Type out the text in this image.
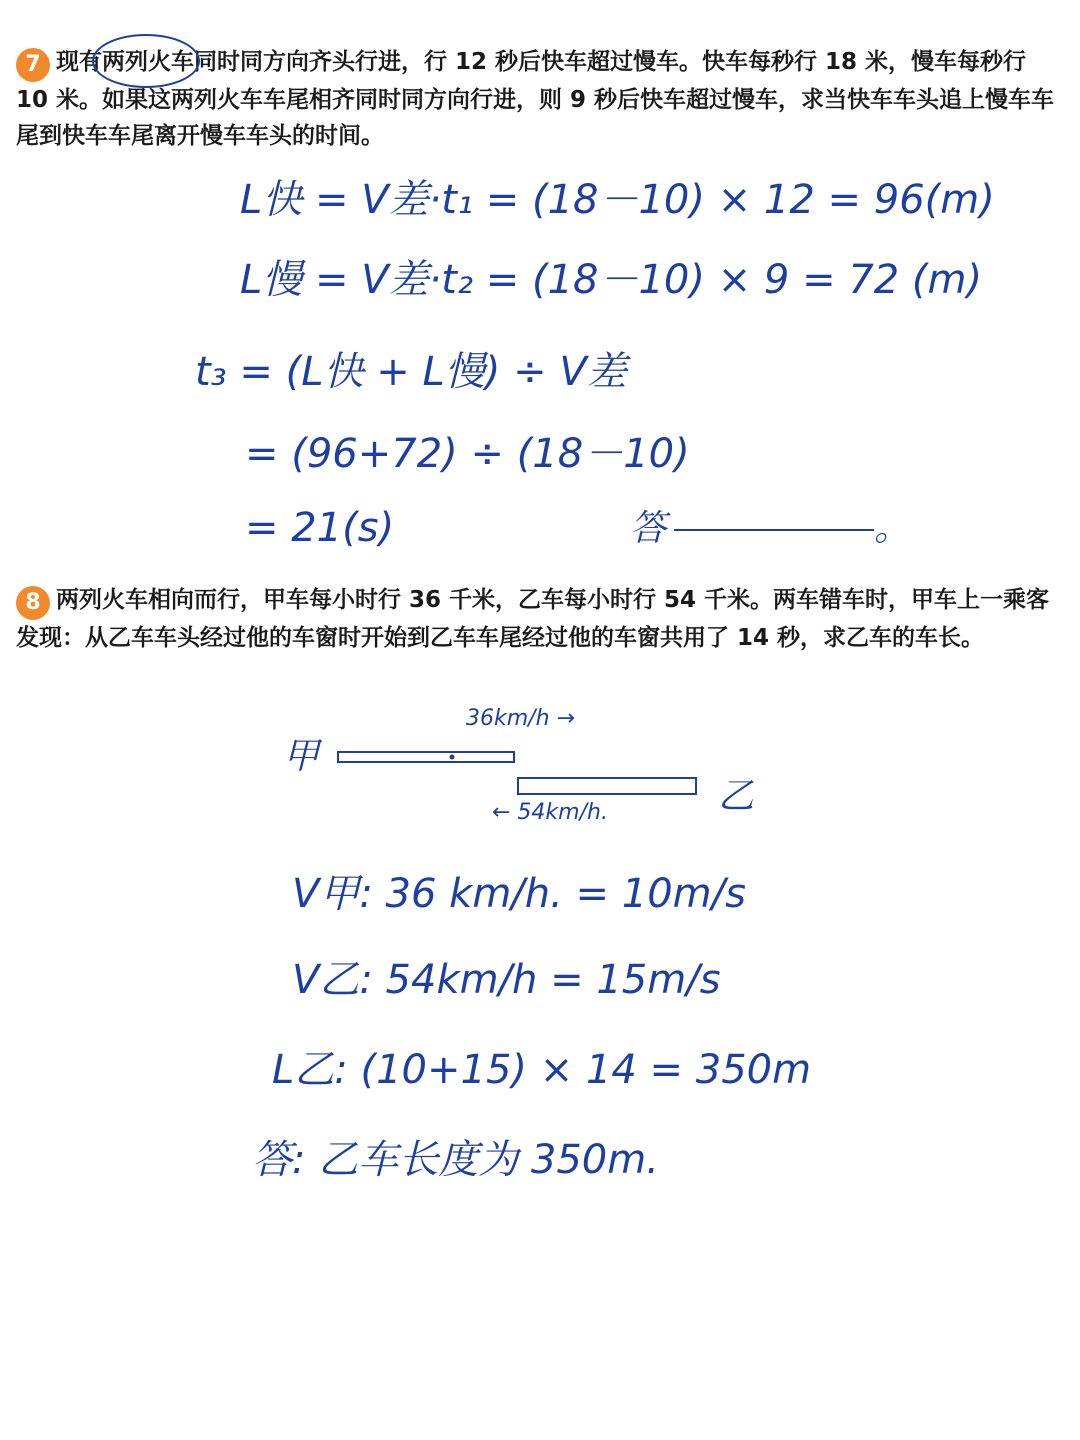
7 现有两列火车同时同方向齐头行进，行 12 秒后快车超过慢车。快车每秒行 18 米，慢车每秒行 10 米。如果这两列火车车尾相齐同时同方向行进，则 9 秒后快车超过慢车，求当快车车头追上慢车车尾到快车车尾离开慢车车头的时间。
L快 = V差·t₁ = (18－10) × 12 = 96(m)
L慢 = V差·t₂ = (18－10) × 9 = 72 (m)
t₃ = (L快 + L慢) ÷ V差
= (96+72) ÷ (18－10)
= 21(s)	答	。
8 两列火车相向而行，甲车每小时行 36 千米，乙车每小时行 54 千米。两车错车时，甲车上一乘客发现：从乙车车头经过他的车窗时开始到乙车车尾经过他的车窗共用了 14 秒，求乙车的车长。
甲
乙
36km/h →
← 54km/h.
V甲: 36 km/h. = 10m/s
V乙: 54km/h = 15m/s
L乙: (10+15) × 14 = 350m
答: 乙车长度为 350m.
